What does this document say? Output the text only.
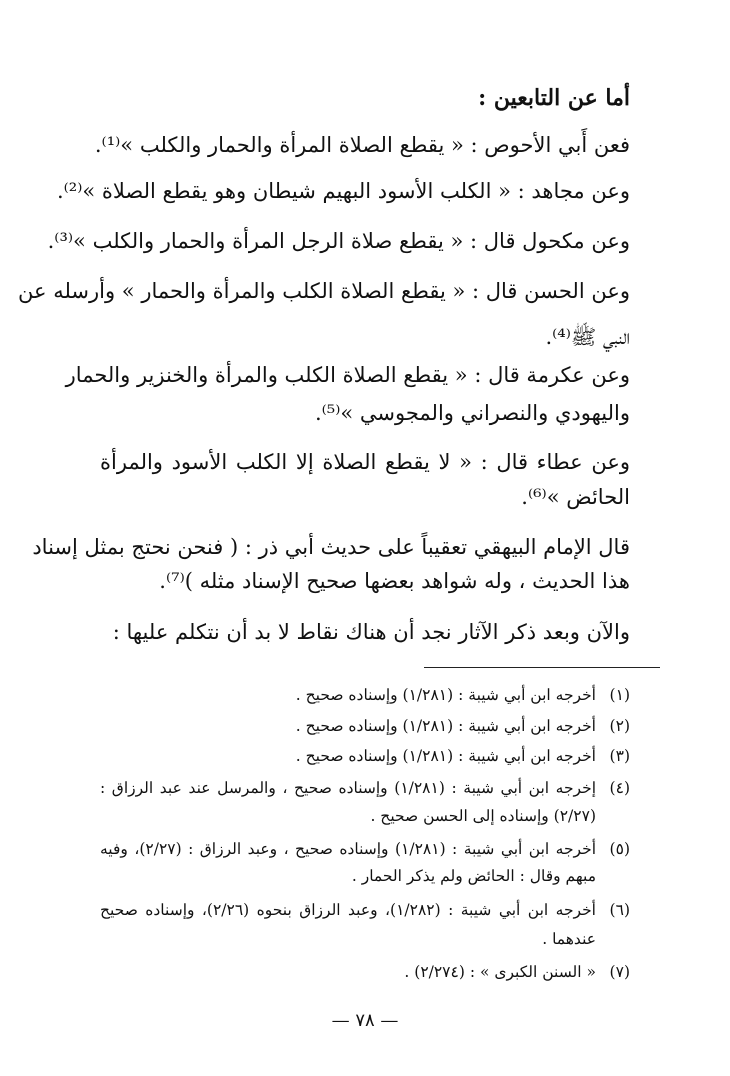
أما عن التابعين :
فعن أَبي الأحوص : « يقطع الصلاة المرأة والحمار والكلب »⁽¹⁾.
وعن مجاهد : « الكلب الأسود البهيم شيطان وهو يقطع الصلاة »⁽²⁾.
وعن مكحول قال : « يقطع صلاة الرجل المرأة والحمار والكلب »⁽³⁾.
وعن الحسن قال : « يقطع الصلاة الكلب والمرأة والحمار » وأرسله عن
النبي ﷺ⁽⁴⁾.
وعن عكرمة قال : « يقطع الصلاة الكلب والمرأة والخنزير والحمار
واليهودي والنصراني والمجوسي »⁽⁵⁾.
وعن عطاء قال : « لا يقطع الصلاة إلا الكلب الأسود والمرأة
الحائض »⁽⁶⁾.
قال الإمام البيهقي تعقيباً على حديث أبي ذر : ( فنحن نحتج بمثل إسناد
هذا الحديث ، وله شواهد بعضها صحيح الإسناد مثله )⁽⁷⁾.
والآن وبعد ذكر الآثار نجد أن هناك نقاط لا بد أن نتكلم عليها :
(١)
أخرجه ابن أبي شيبة : (١/٢٨١) وإسناده صحيح .
(٢)
أخرجه ابن أبي شيبة : (١/٢٨١) وإسناده صحيح .
(٣)
أخرجه ابن أبي شيبة : (١/٢٨١) وإسناده صحيح .
(٤)
إخرجه ابن أبي شيبة : (١/٢٨١) وإسناده صحيح ، والمرسل عند عبد الرزاق :
(٢/٢٧) وإسناده إلى الحسن صحيح .
(٥)
أخرجه ابن أبي شيبة : (١/٢٨١) وإسناده صحيح ، وعبد الرزاق : (٢/٢٧)، وفيه
مبهم وقال : الحائض ولم يذكر الحمار .
(٦)
أخرجه ابن أبي شيبة : (١/٢٨٢)، وعبد الرزاق بنحوه (٢/٢٦)، وإسناده صحيح
عندهما .
(٧)
« السنن الكبرى » : (٢/٢٧٤) .
— ٧٨ —
